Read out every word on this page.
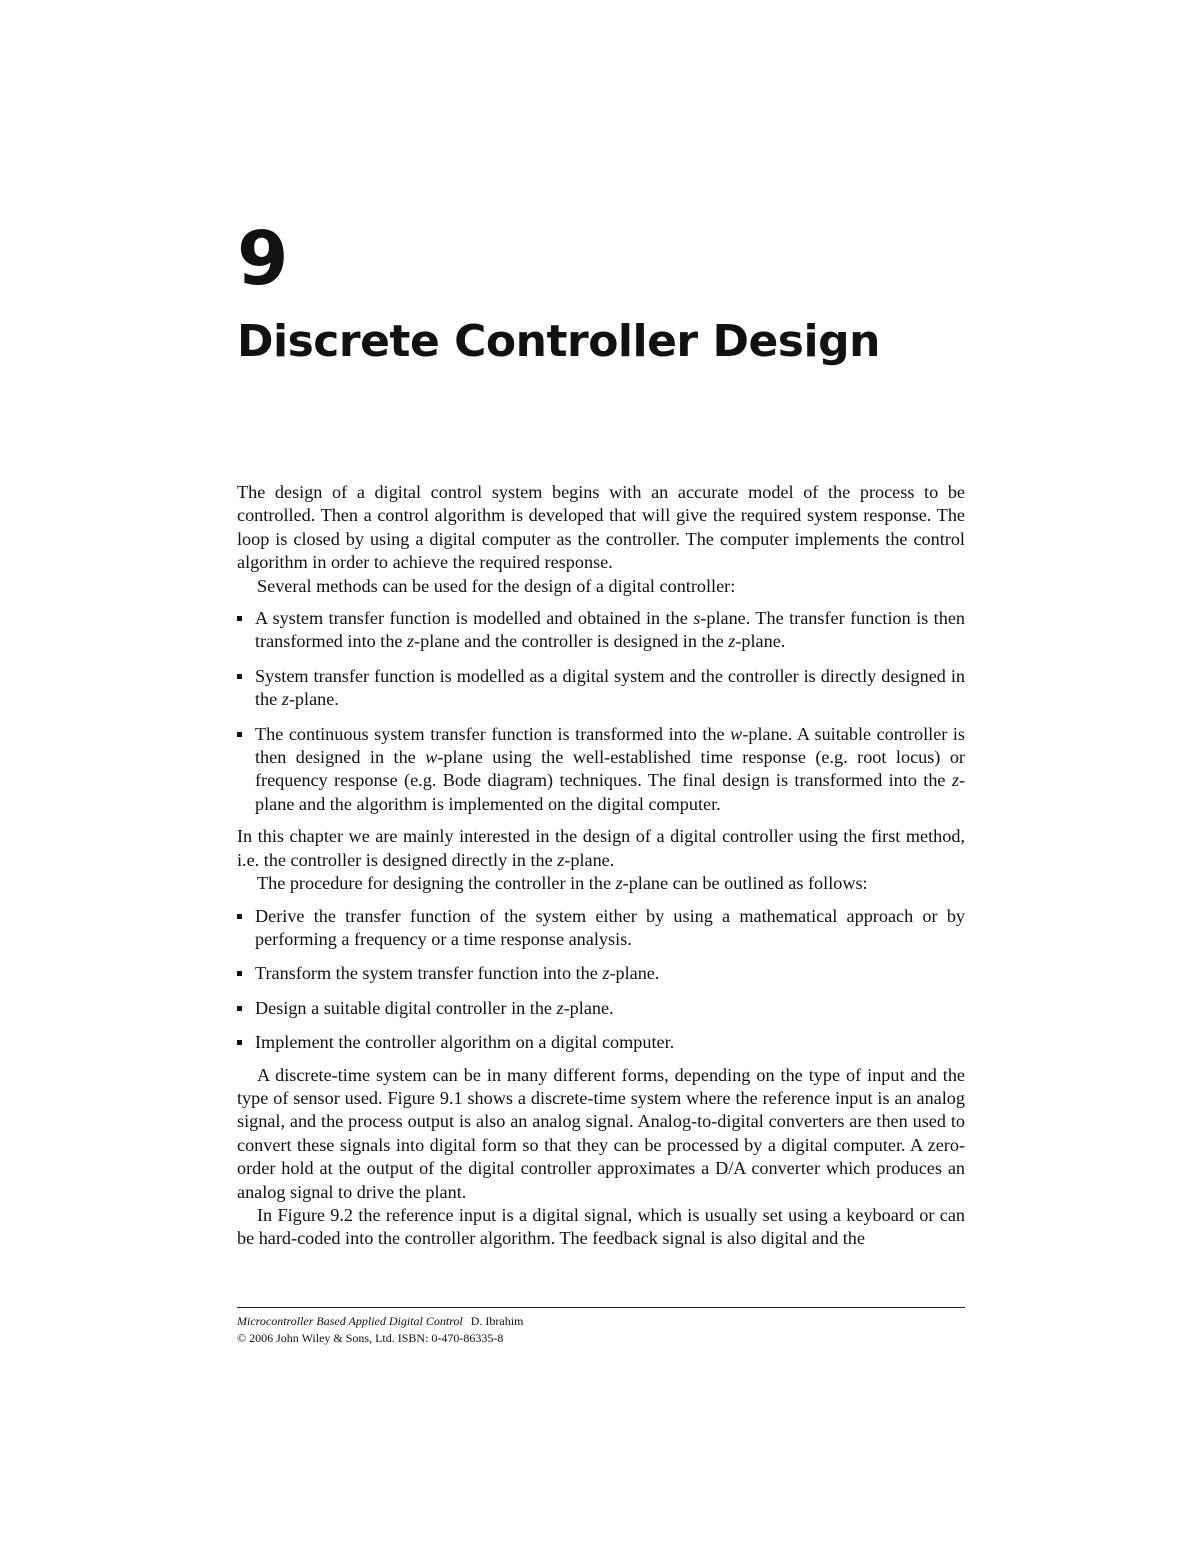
9
Discrete Controller Design

The design of a digital control system begins with an accurate model of the process to be controlled. Then a control algorithm is developed that will give the required system response. The loop is closed by using a digital computer as the controller. The computer implements the control algorithm in order to achieve the required response.

Several methods can be used for the design of a digital controller:

A system transfer function is modelled and obtained in the s-plane. The transfer function is then transformed into the z-plane and the controller is designed in the z-plane.
System transfer function is modelled as a digital system and the controller is directly designed in the z-plane.
The continuous system transfer function is transformed into the w-plane. A suitable controller is then designed in the w-plane using the well-established time response (e.g. root locus) or frequency response (e.g. Bode diagram) techniques. The final design is transformed into the z-plane and the algorithm is implemented on the digital computer.

In this chapter we are mainly interested in the design of a digital controller using the first method, i.e. the controller is designed directly in the z-plane.

The procedure for designing the controller in the z-plane can be outlined as follows:

Derive the transfer function of the system either by using a mathematical approach or by performing a frequency or a time response analysis.
Transform the system transfer function into the z-plane.
Design a suitable digital controller in the z-plane.
Implement the controller algorithm on a digital computer.

A discrete-time system can be in many different forms, depending on the type of input and the type of sensor used. Figure 9.1 shows a discrete-time system where the reference input is an analog signal, and the process output is also an analog signal. Analog-to-digital converters are then used to convert these signals into digital form so that they can be processed by a digital computer. A zero-order hold at the output of the digital controller approximates a D/A converter which produces an analog signal to drive the plant.

In Figure 9.2 the reference input is a digital signal, which is usually set using a keyboard or can be hard-coded into the controller algorithm. The feedback signal is also digital and the

Microcontroller Based Applied Digital Control D. Ibrahim
© 2006 John Wiley & Sons, Ltd. ISBN: 0-470-86335-8
